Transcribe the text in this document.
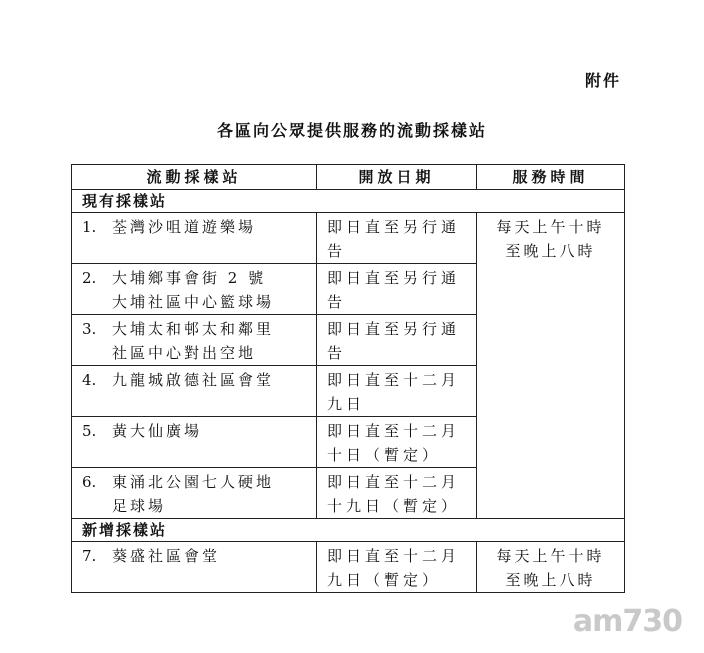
附件
各區向公眾提供服務的流動採樣站
流動採樣站	開放日期	服務時間
現有採樣站		

1. 荃灣沙咀道遊樂場	即日直至另行通告	每天上午十時
至晚上八時

2. 大埔鄉事會街 2 號
大埔社區中心籃球場	即日直至另行通告	

3. 大埔太和邨太和鄰里
社區中心對出空地	即日直至另行通告	

4. 九龍城啟德社區會堂	即日直至十二月九日	

5. 黃大仙廣場	即日直至十二月十日（暫定）	

6. 東涌北公園七人硬地
足球場	即日直至十二月十九日（暫定）	
新增採樣站		

7. 葵盛社區會堂	即日直至十二月九日（暫定）	每天上午十時
至晚上八時
am730
